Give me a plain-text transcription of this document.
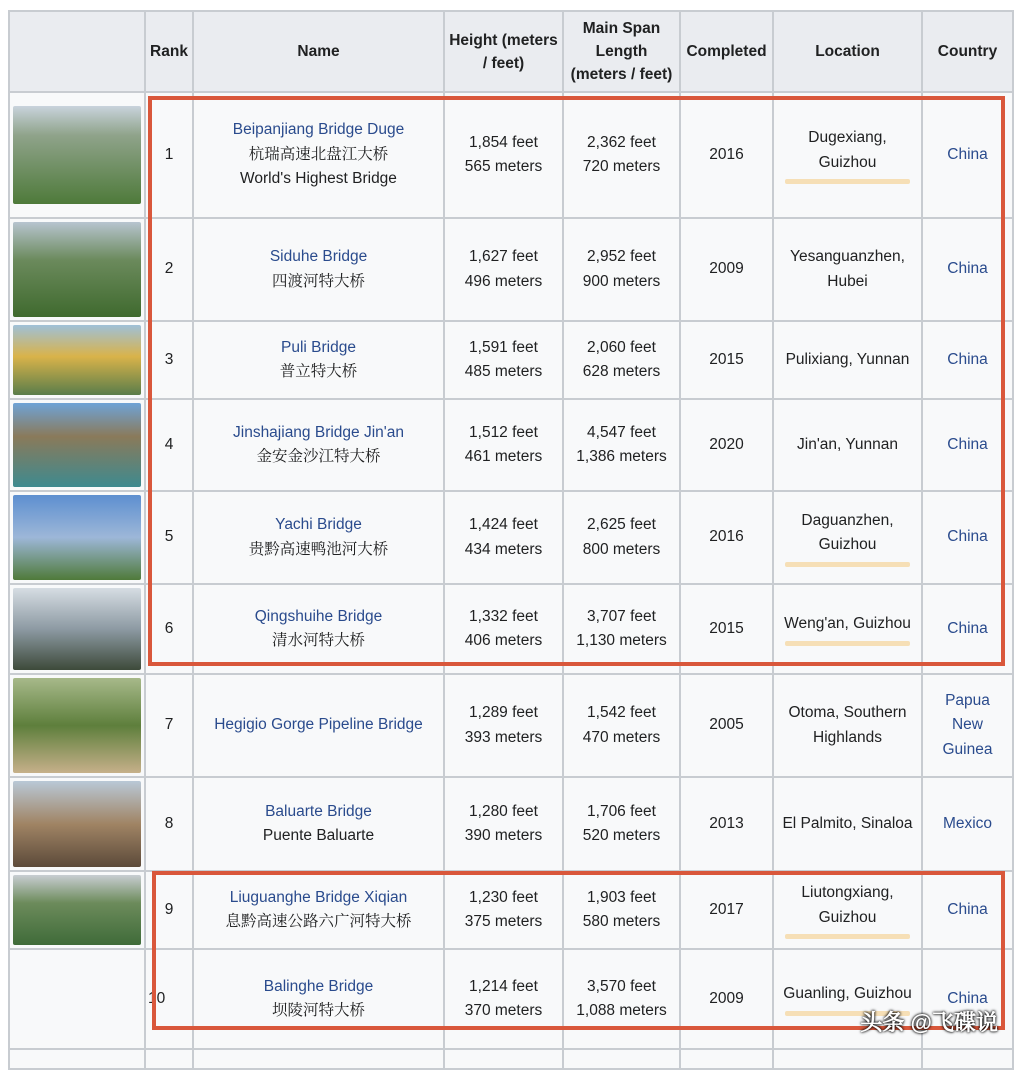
	Rank	Name	Height (meters / feet)	Main Span Length (meters / feet)	Completed	Location	Country

	1	Beipanjiang Bridge Duge
杭瑞高速北盘江大桥
World's Highest Bridge	1,854 feet
565 meters	2,362 feet
720 meters	2016	Dugexiang, Guizhou	China

	2	Siduhe Bridge
四渡河特大桥	1,627 feet
496 meters	2,952 feet
900 meters	2009	Yesanguanzhen, Hubei	China

	3	Puli Bridge
普立特大桥	1,591 feet
485 meters	2,060 feet
628 meters	2015	Pulixiang, Yunnan	China

	4	Jinshajiang Bridge Jin'an
金安金沙江特大桥	1,512 feet
461 meters	4,547 feet
1,386 meters	2020	Jin'an, Yunnan	China

	5	Yachi Bridge
贵黔高速鸭池河大桥	1,424 feet
434 meters	2,625 feet
800 meters	2016	Daguanzhen, Guizhou	China

	6	Qingshuihe Bridge
清水河特大桥	1,332 feet
406 meters	3,707 feet
1,130 meters	2015	Weng'an, Guizhou	China

	7	Hegigio Gorge Pipeline Bridge	1,289 feet
393 meters	1,542 feet
470 meters	2005	Otoma, Southern Highlands	Papua New Guinea

	8	Baluarte Bridge
Puente Baluarte	1,280 feet
390 meters	1,706 feet
520 meters	2013	El Palmito, Sinaloa	Mexico

	9	Liuguanghe Bridge Xiqian
息黔高速公路六广河特大桥	1,230 feet
375 meters	1,903 feet
580 meters	2017	Liutongxiang, Guizhou	China
	10	Balinghe Bridge
坝陵河特大桥	1,214 feet
370 meters	3,570 feet
1,088 meters	2009	Guanling, Guizhou	China

头条 @飞碟说
